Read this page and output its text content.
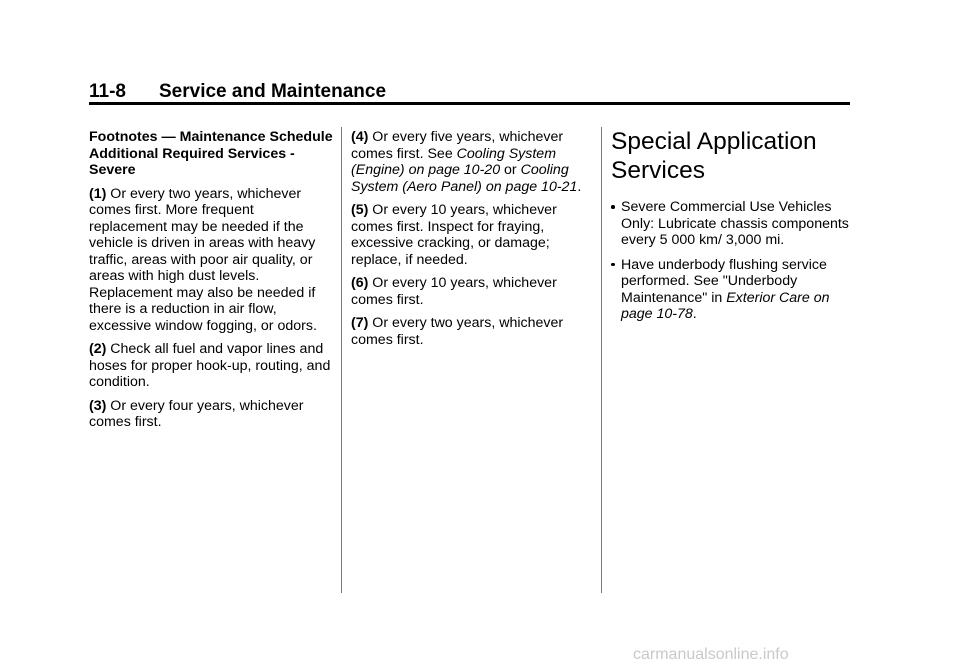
11-8 Service and Maintenance

Footnotes — Maintenance Schedule Additional Required Services - Severe

(1) Or every two years, whichever comes first. More frequent replacement may be needed if the vehicle is driven in areas with heavy traffic, areas with poor air quality, or areas with high dust levels. Replacement may also be needed if there is a reduction in air flow, excessive window fogging, or odors.

(2) Check all fuel and vapor lines and hoses for proper hook-up, routing, and condition.

(3) Or every four years, whichever comes first.

(4) Or every five years, whichever comes first. See Cooling System (Engine) on page 10-20 or Cooling System (Aero Panel) on page 10-21.

(5) Or every 10 years, whichever comes first. Inspect for fraying, excessive cracking, or damage; replace, if needed.

(6) Or every 10 years, whichever comes first.

(7) Or every two years, whichever comes first.

Special Application Services
Severe Commercial Use Vehicles Only: Lubricate chassis components every 5 000 km/ 3,000 mi.
Have underbody flushing service performed. See "Underbody Maintenance" in Exterior Care on page 10-78.
carmanualsonline.info
